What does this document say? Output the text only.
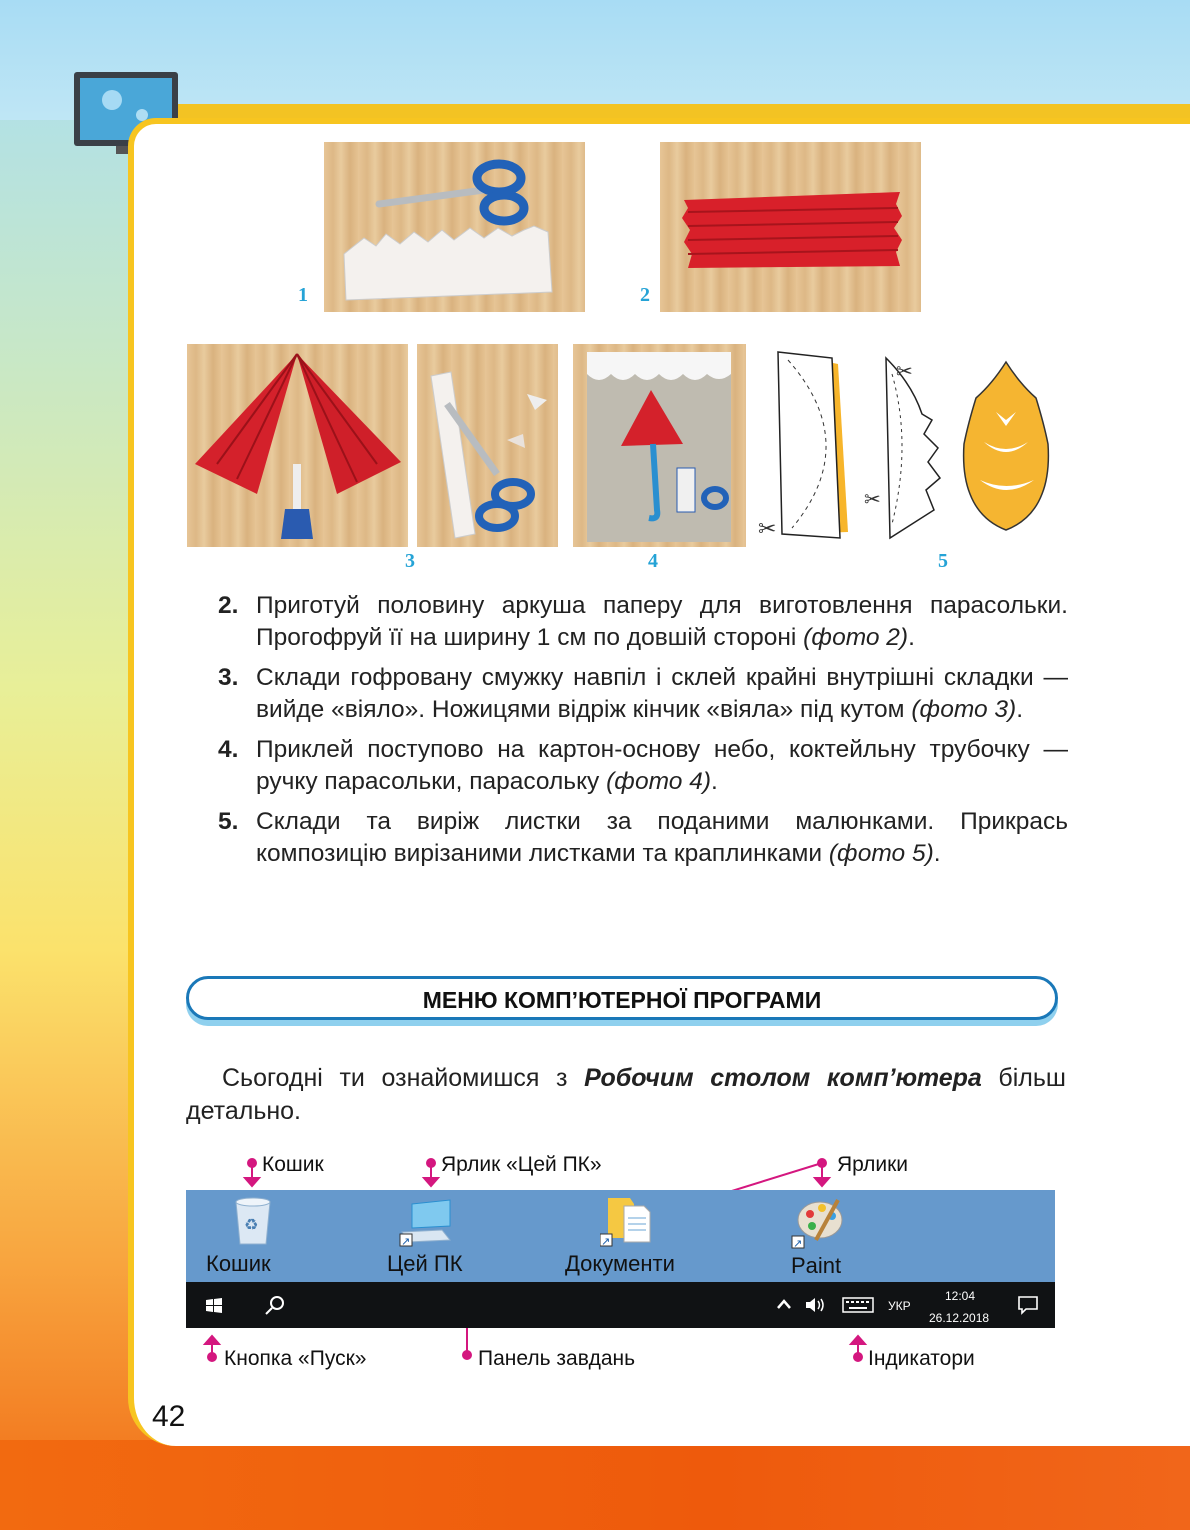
1	2
3	4
✂
✂
✂
5
2. Приготуй половину аркуша паперу для виготовлення парасольки. Прогофруй її на ширину 1 см по довшій стороні (фото 2).
3. Склади гофровану смужку навпіл і склей крайні внутрішні складки — вийде «віяло». Ножицями відріж кінчик «віяла» під кутом (фото 3).
4. Приклей поступово на картон-основу небо, коктейльну трубочку — ручку парасольки, парасольку (фото 4).
5. Склади та виріж листки за поданими малюнками. Прикрась композицію вирізаними листками та краплинками (фото 5).
МЕНЮ КОМП’ЮТЕРНОЇ ПРОГРАМИ
Сьогодні ти ознайомишся з Робочим столом комп’ютера більш детально.
Кошик	Ярлик «Цей ПК»	Ярлики
♻
Кошик
↗
Цей ПК
↗
Документи
↗
Paint
УКР
12:04
26.12.2018
Кнопка «Пуск»	Панель завдань	Індикатори
42
